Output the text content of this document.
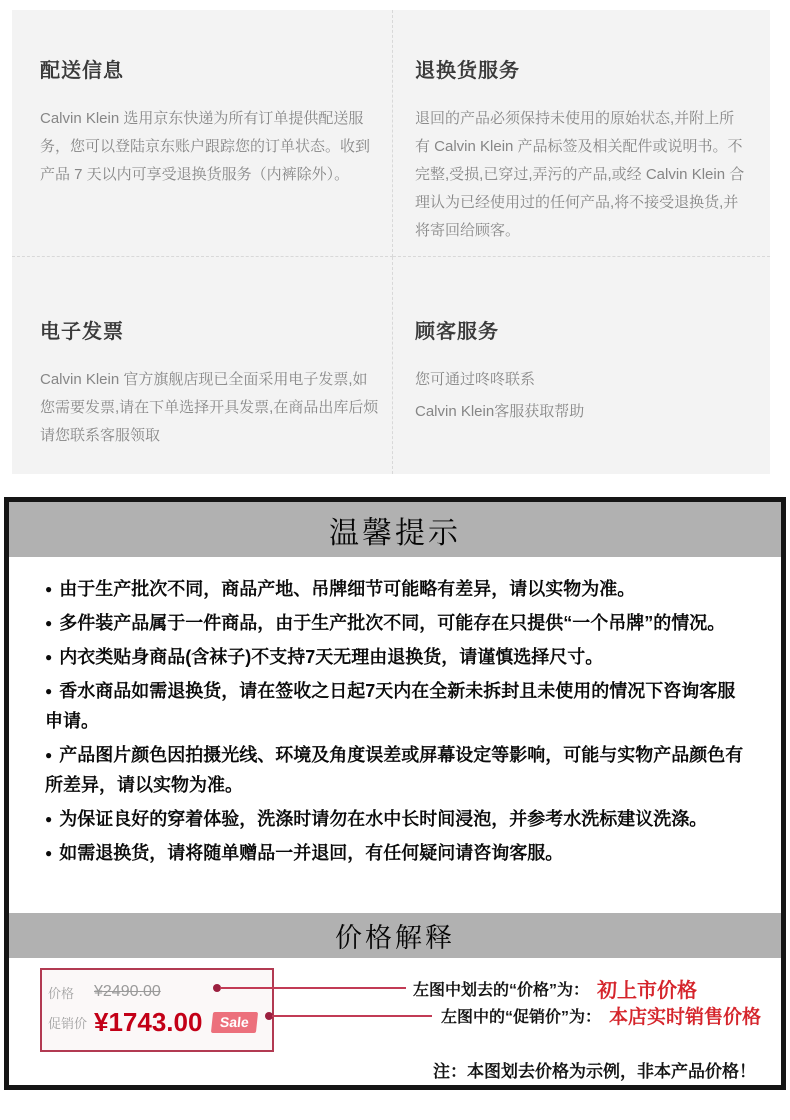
配送信息

Calvin Klein 选用京东快递为所有订单提供配送服务，您可以登陆京东账户跟踪您的订单状态。收到产品 7 天以内可享受退换货服务（内裤除外）。

退换货服务

退回的产品必须保持未使用的原始状态,并附上所有 Calvin Klein 产品标签及相关配件或说明书。不完整,受损,已穿过,弄污的产品,或经 Calvin Klein 合理认为已经使用过的任何产品,将不接受退换货,并将寄回给顾客。

电子发票

Calvin Klein 官方旗舰店现已全面采用电子发票,如您需要发票,请在下单选择开具发票,在商品出库后烦请您联系客服领取

顾客服务

您可通过咚咚联系

Calvin Klein客服获取帮助

温馨提示

● 由于生产批次不同，商品产地、吊牌细节可能略有差异，请以实物为准。

● 多件装产品属于一件商品，由于生产批次不同，可能存在只提供“一个吊牌”的情况。

● 内衣类贴身商品(含袜子)不支持7天无理由退换货，请谨慎选择尺寸。

● 香水商品如需退换货，请在签收之日起7天内在全新未拆封且未使用的情况下咨询客服申请。

● 产品图片颜色因拍摄光线、环境及角度误差或屏幕设定等影响，可能与实物产品颜色有所差异，请以实物为准。

● 为保证良好的穿着体验，洗涤时请勿在水中长时间浸泡，并参考水洗标建议洗涤。

● 如需退换货，请将随单赠品一并退回，有任何疑问请咨询客服。

价格解释
价格	¥2490.00
促销价 ¥1743.00	Sale
左图中划去的“价格”为： 初上市价格
左图中的“促销价”为： 本店实时销售价格

注：本图划去价格为示例，非本产品价格！
